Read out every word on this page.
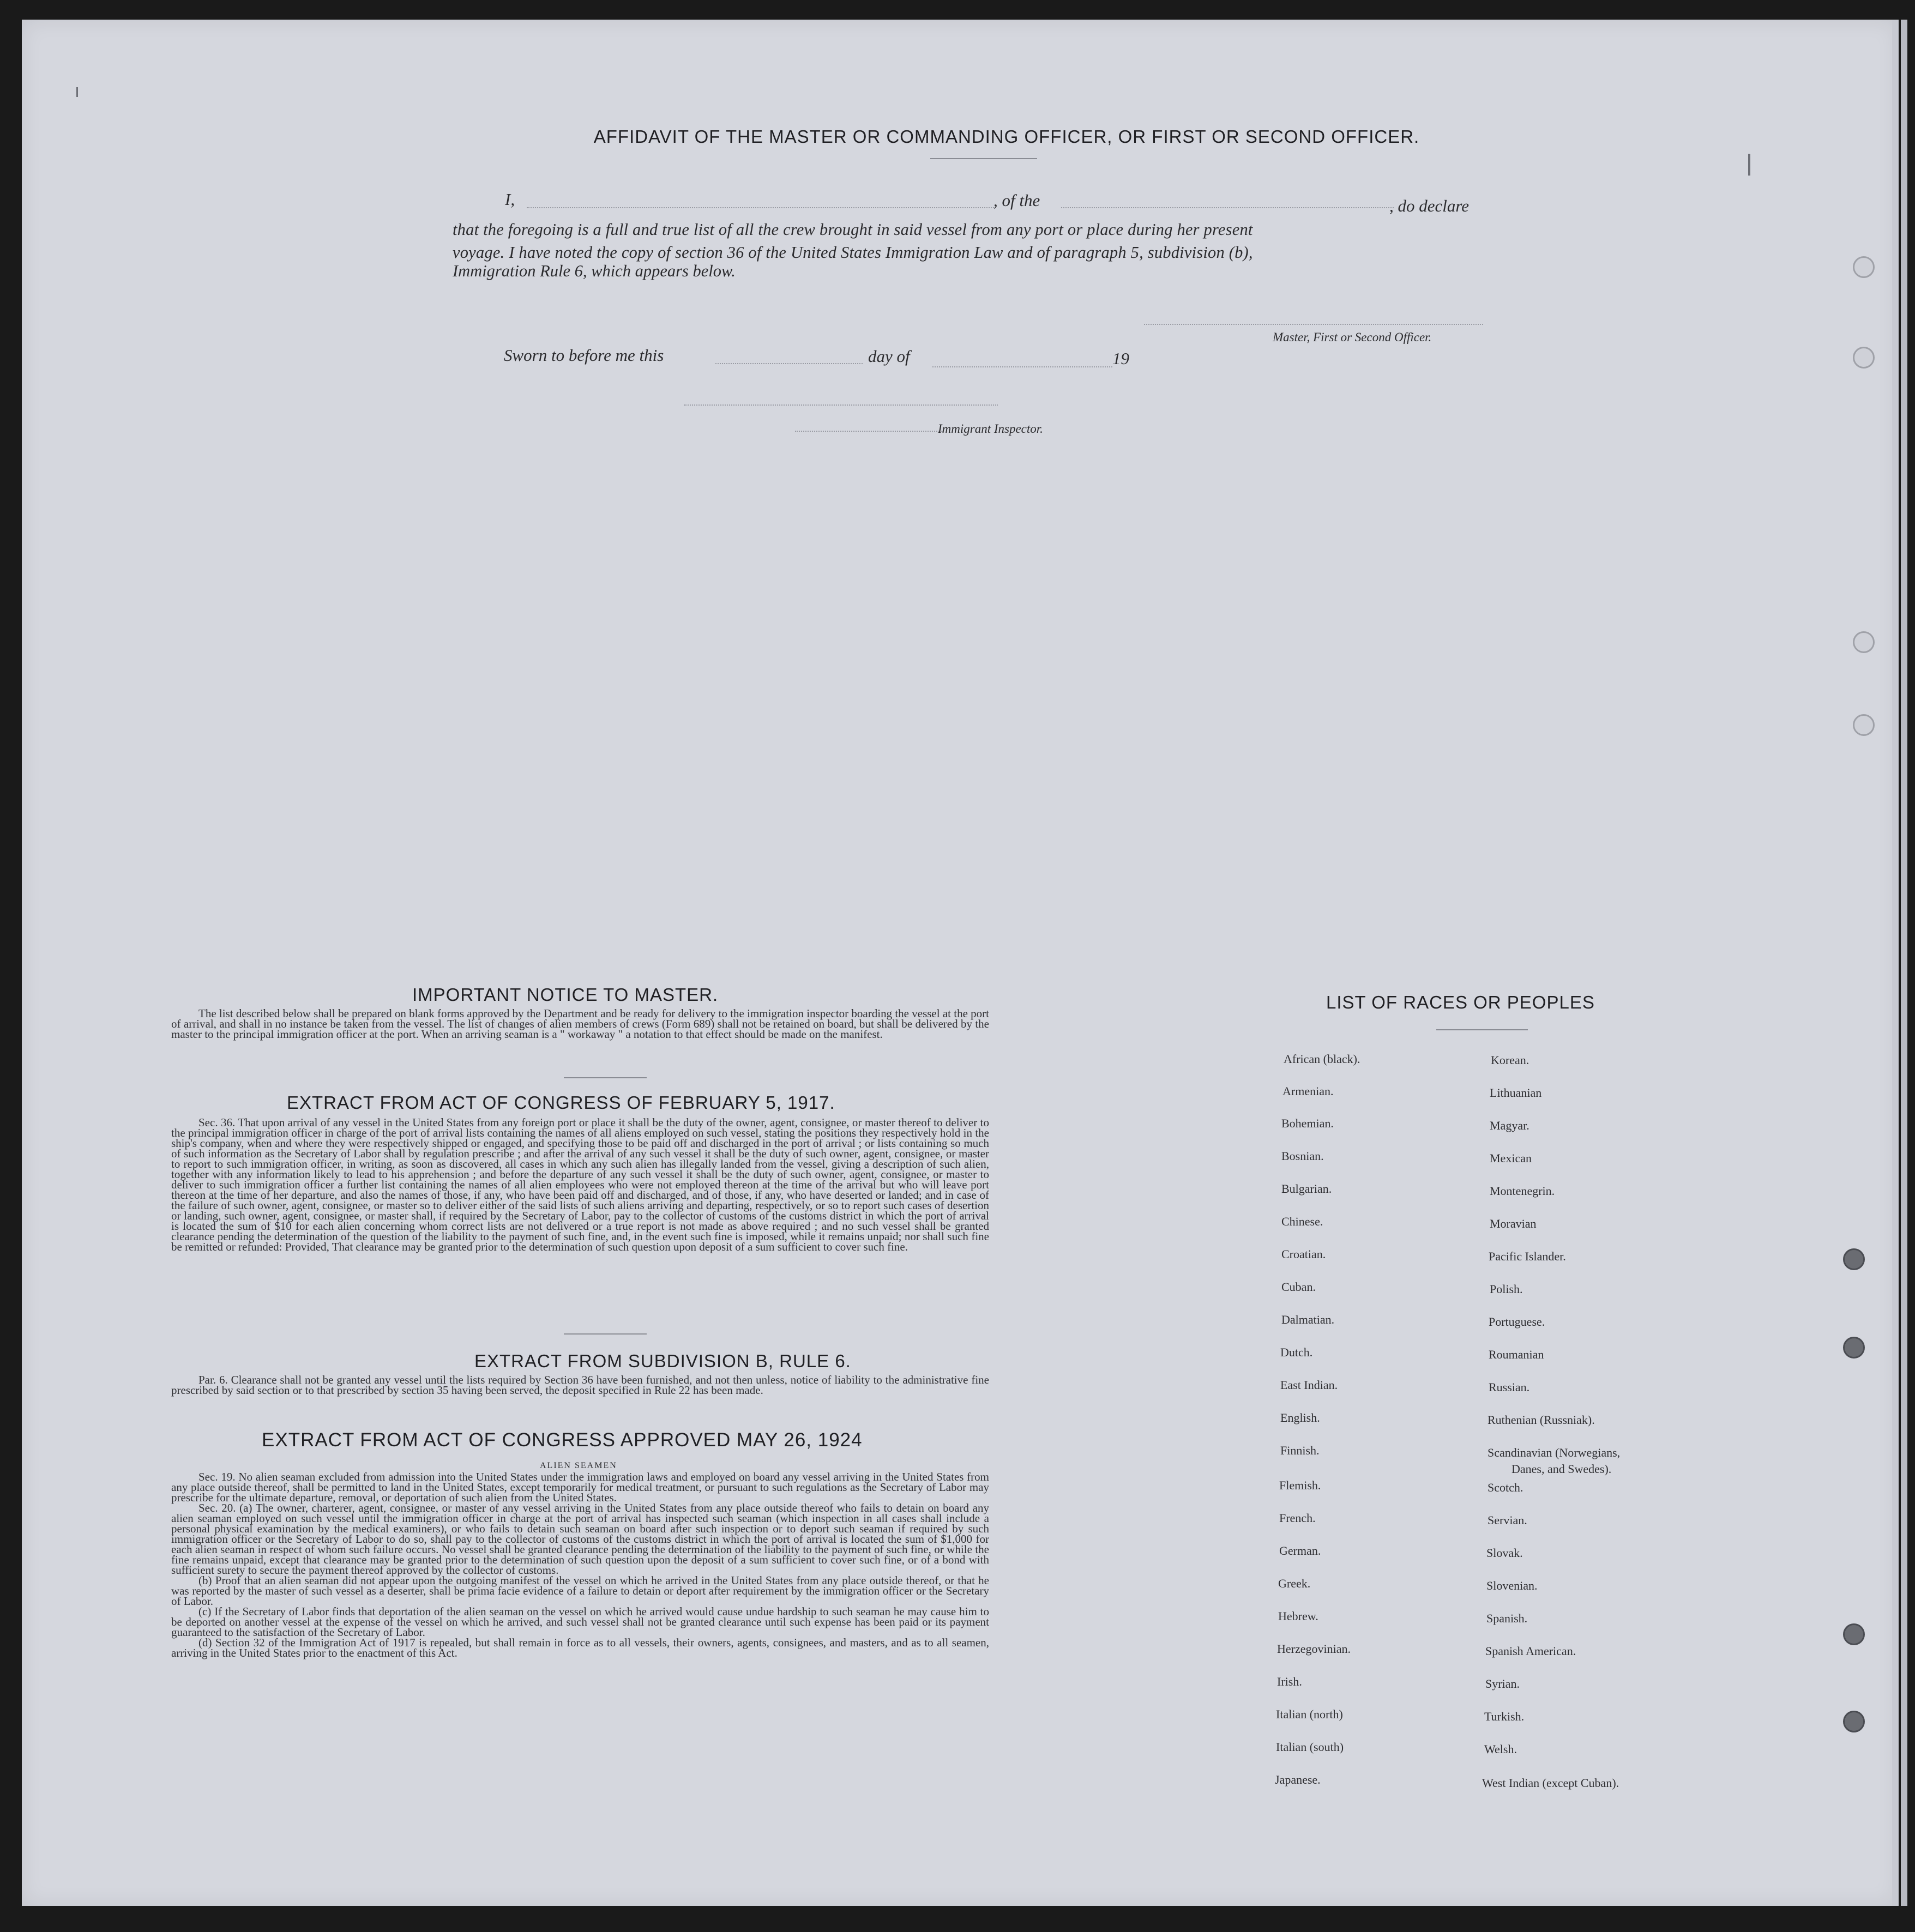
AFFIDAVIT OF THE MASTER OR COMMANDING OFFICER, OR FIRST OR SECOND OFFICER.
I,	, of the	, do declare
that the foregoing is a full and true list of all the crew brought in said vessel from any port or place during her present
voyage. I have noted the copy of section 36 of the United States Immigration Law and of paragraph 5, subdivision (b),
Immigration Rule 6, which appears below.
Master, First or Second Officer.
Sworn to before me this	day of	19
Immigrant Inspector.
IMPORTANT NOTICE TO MASTER.

The list described below shall be prepared on blank forms approved by the Department and be ready for delivery to the immigration inspector boarding the vessel at the port of arrival, and shall in no instance be taken from the vessel. The list of changes of alien members of crews (Form 689) shall not be retained on board, but shall be delivered by the master to the principal immigration officer at the port. When an arriving seaman is a " workaway " a notation to that effect should be made on the manifest.

EXTRACT FROM ACT OF CONGRESS OF FEBRUARY 5, 1917.

Sec. 36. That upon arrival of any vessel in the United States from any foreign port or place it shall be the duty of the owner, agent, consignee, or master thereof to deliver to the principal immigration officer in charge of the port of arrival lists containing the names of all aliens employed on such vessel, stating the positions they respectively hold in the ship's company, when and where they were respectively shipped or engaged, and specifying those to be paid off and discharged in the port of arrival ; or lists containing so much of such information as the Secretary of Labor shall by regulation prescribe ; and after the arrival of any such vessel it shall be the duty of such owner, agent, consignee, or master to report to such immigration officer, in writing, as soon as discovered, all cases in which any such alien has illegally landed from the vessel, giving a description of such alien, together with any information likely to lead to his apprehension ; and before the departure of any such vessel it shall be the duty of such owner, agent, consignee, or master to deliver to such immigration officer a further list containing the names of all alien employees who were not employed thereon at the time of the arrival but who will leave port thereon at the time of her departure, and also the names of those, if any, who have been paid off and discharged, and of those, if any, who have deserted or landed; and in case of the failure of such owner, agent, consignee, or master so to deliver either of the said lists of such aliens arriving and departing, respectively, or so to report such cases of desertion or landing, such owner, agent, consignee, or master shall, if required by the Secretary of Labor, pay to the collector of customs of the customs district in which the port of arrival is located the sum of $10 for each alien concerning whom correct lists are not delivered or a true report is not made as above required ; and no such vessel shall be granted clearance pending the determination of the question of the liability to the payment of such fine, and, in the event such fine is imposed, while it remains unpaid; nor shall such fine be remitted or refunded: Provided, That clearance may be granted prior to the determination of such question upon deposit of a sum sufficient to cover such fine.

EXTRACT FROM SUBDIVISION B, RULE 6.

Par. 6. Clearance shall not be granted any vessel until the lists required by Section 36 have been furnished, and not then unless, notice of liability to the administrative fine prescribed by said section or to that prescribed by section 35 having been served, the deposit specified in Rule 22 has been made.

EXTRACT FROM ACT OF CONGRESS APPROVED MAY 26, 1924
ALIEN SEAMEN

Sec. 19. No alien seaman excluded from admission into the United States under the immigration laws and employed on board any vessel arriving in the United States from any place outside thereof, shall be permitted to land in the United States, except temporarily for medical treatment, or pursuant to such regulations as the Secretary of Labor may prescribe for the ultimate departure, removal, or deportation of such alien from the United States.

Sec. 20. (a) The owner, charterer, agent, consignee, or master of any vessel arriving in the United States from any place outside thereof who fails to detain on board any alien seaman employed on such vessel until the immigration officer in charge at the port of arrival has inspected such seaman (which inspection in all cases shall include a personal physical examination by the medical examiners), or who fails to detain such seaman on board after such inspection or to deport such seaman if required by such immigration officer or the Secretary of Labor to do so, shall pay to the collector of customs of the customs district in which the port of arrival is located the sum of $1,000 for each alien seaman in respect of whom such failure occurs. No vessel shall be granted clearance pending the determination of the liability to the payment of such fine, or while the fine remains unpaid, except that clearance may be granted prior to the determination of such question upon the deposit of a sum sufficient to cover such fine, or of a bond with sufficient surety to secure the payment thereof approved by the collector of customs.

(b) Proof that an alien seaman did not appear upon the outgoing manifest of the vessel on which he arrived in the United States from any place outside thereof, or that he was reported by the master of such vessel as a deserter, shall be prima facie evidence of a failure to detain or deport after requirement by the immigration officer or the Secretary of Labor.

(c) If the Secretary of Labor finds that deportation of the alien seaman on the vessel on which he arrived would cause undue hardship to such seaman he may cause him to be deported on another vessel at the expense of the vessel on which he arrived, and such vessel shall not be granted clearance until such expense has been paid or its payment guaranteed to the satisfaction of the Secretary of Labor.

(d) Section 32 of the Immigration Act of 1917 is repealed, but shall remain in force as to all vessels, their owners, agents, consignees, and masters, and as to all seamen, arriving in the United States prior to the enactment of this Act.

LIST OF RACES OR PEOPLES
African (black).
Armenian.
Bohemian.
Bosnian.
Bulgarian.
Chinese.
Croatian.
Cuban.
Dalmatian.
Dutch.
East Indian.
English.
Finnish.
Flemish.
French.
German.
Greek.
Hebrew.
Herzegovinian.
Irish.
Italian (north)
Italian (south)
Japanese.
Korean.
Lithuanian
Magyar.
Mexican
Montenegrin.
Moravian
Pacific Islander.
Polish.
Portuguese.
Roumanian
Russian.
Ruthenian (Russniak).
Scandinavian (Norwegians,
Danes, and Swedes).
Scotch.
Servian.
Slovak.
Slovenian.
Spanish.
Spanish American.
Syrian.
Turkish.
Welsh.
West Indian (except Cuban).
